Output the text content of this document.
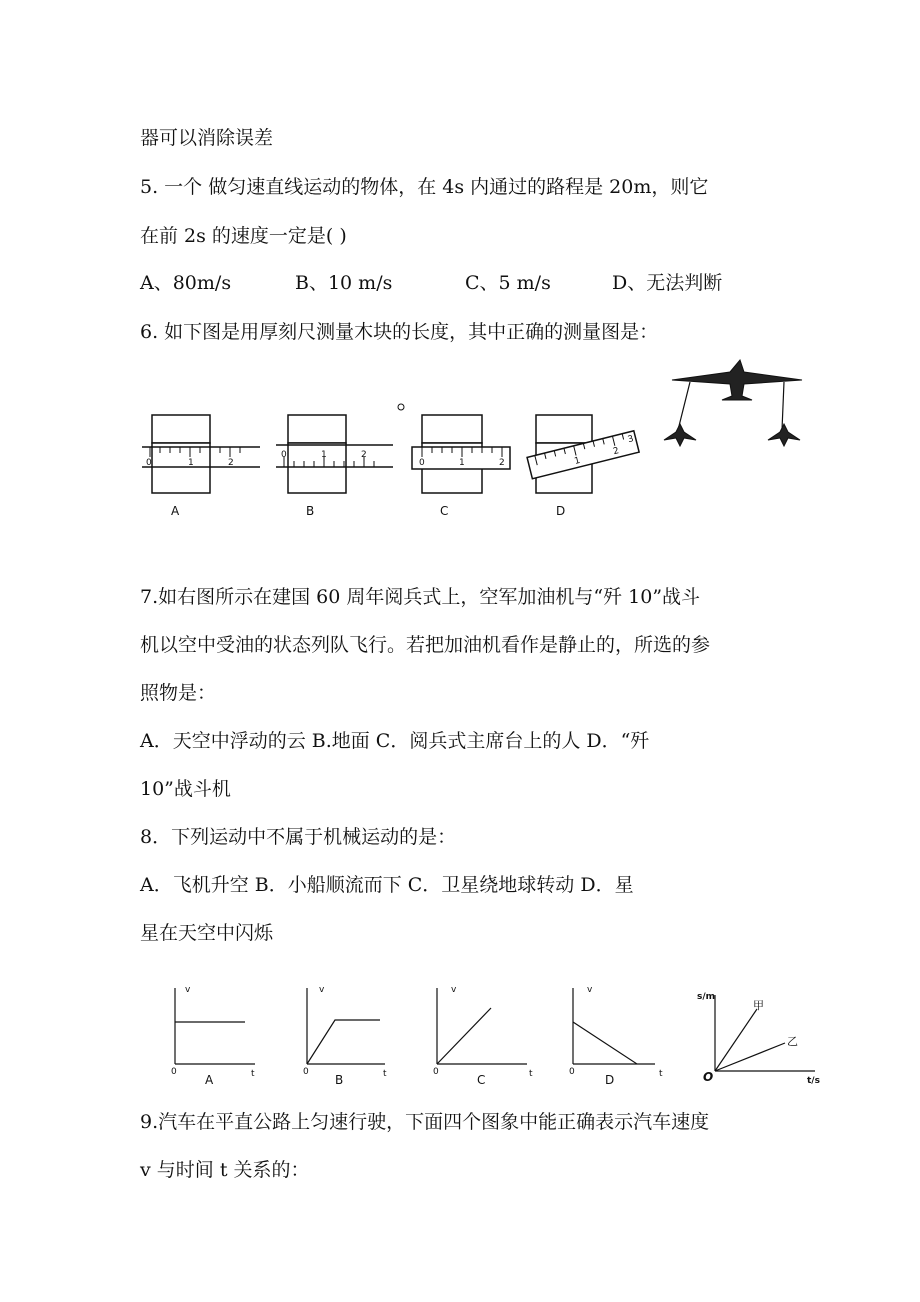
器可以消除误差
5. 一个 做匀速直线运动的物体，在 4s 内通过的路程是 20m，则它
在前 2s 的速度一定是( )
A、80m/s	B、10 m/s	C、5 m/s	D、无法判断
6. 如下图是用厚刻尺测量木块的长度，其中正确的测量图是：
0	1	2
A
0	1	2
B
0	1	2
C
1
2
3
D
7.如右图所示在建国 60 周年阅兵式上，空军加油机与“歼 10”战斗
机以空中受油的状态列队飞行。若把加油机看作是静止的，所选的参
照物是：
A．天空中浮动的云 B.地面 C．阅兵式主席台上的人 D．“歼
10”战斗机
8．下列运动中不属于机械运动的是：
A．飞机升空 B．小船顺流而下 C．卫星绕地球转动 D．星
星在天空中闪烁
v
0	t
A
v
0	t
B
v
0	t
C
v
0	t
D
s/m
t/s
O
甲
乙
9.汽车在平直公路上匀速行驶，下面四个图象中能正确表示汽车速度
v 与时间 t 关系的：
